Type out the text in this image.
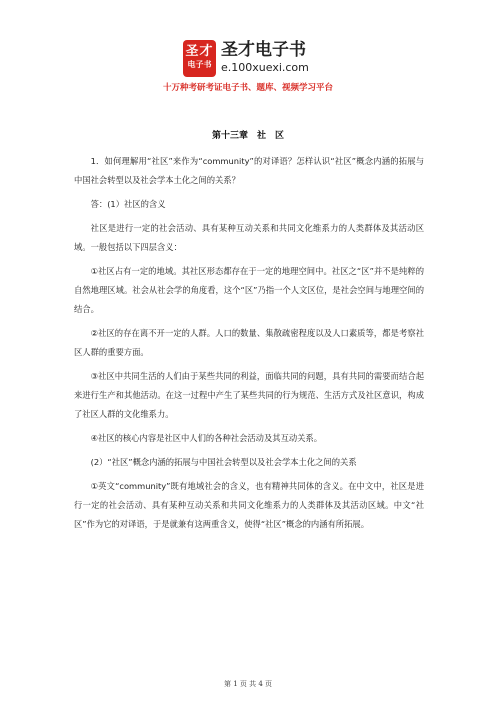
圣才
电子书
圣才电子书
e.100xuexi.com
十万种考研考证电子书、题库、视频学习平台
第十三章　社　区

1．如何理解用“社区”来作为“community”的对译语？怎样认识“社区”概念内涵的拓展与中国社会转型以及社会学本土化之间的关系？

答：(1）社区的含义

社区是进行一定的社会活动、具有某种互动关系和共同文化维系力的人类群体及其活动区域。一般包括以下四层含义：

①社区占有一定的地域。其社区形态都存在于一定的地理空间中。社区之“区”并不是纯粹的自然地理区域。社会从社会学的角度看，这个“区”乃指一个人文区位，是社会空间与地理空间的结合。

②社区的存在离不开一定的人群。人口的数量、集散疏密程度以及人口素质等，都是考察社区人群的重要方面。

③社区中共同生活的人们由于某些共同的利益，面临共同的问题，具有共同的需要而结合起来进行生产和其他活动。在这一过程中产生了某些共同的行为规范、生活方式及社区意识，构成了社区人群的文化维系力。

④社区的核心内容是社区中人们的各种社会活动及其互动关系。

(2）“社区”概念内涵的拓展与中国社会转型以及社会学本土化之间的关系

①英文“community”既有地域社会的含义，也有精神共同体的含义。在中文中，社区是进行一定的社会活动、具有某种互动关系和共同文化维系力的人类群体及其活动区域。中文“社区”作为它的对译语，于是就兼有这两重含义，使得“社区”概念的内涵有所拓展。

第 1 页 共 4 页
